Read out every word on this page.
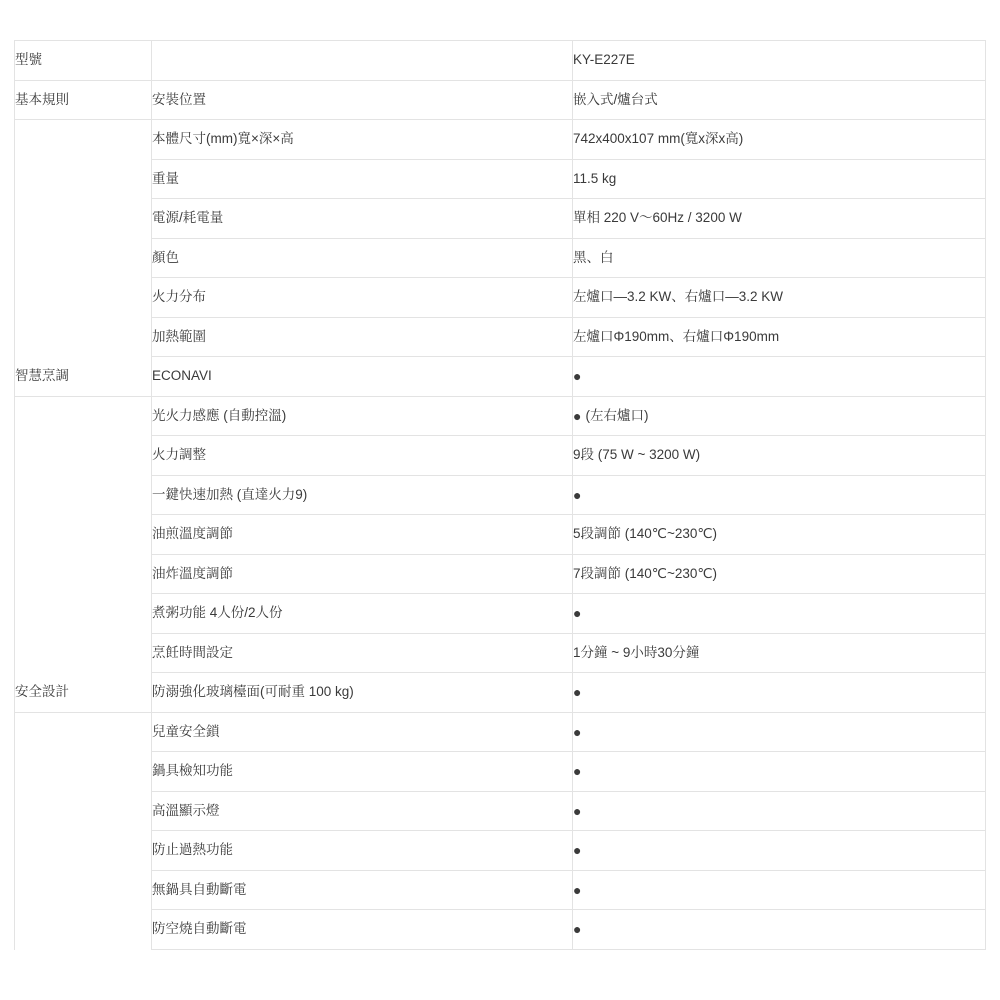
型號		KY-E227E
基本規則	安裝位置	嵌入式/爐台式
	本體尺寸(mm)寬×深×高	742x400x107 mm(寬x深x高)
	重量	11.5 kg
	電源/耗電量	單相 220 V～60Hz / 3200 W
	顏色	黑、白
	火力分布	左爐口—3.2 KW、右爐口—3.2 KW
	加熱範圍	左爐口Φ190mm、右爐口Φ190mm
智慧烹調	ECONAVI	●
	光火力感應 (自動控溫)	● (左右爐口)
	火力調整	9段 (75 W ~ 3200 W)
	一鍵快速加熱 (直達火力9)	●
	油煎溫度調節	5段調節 (140℃~230℃)
	油炸溫度調節	7段調節 (140℃~230℃)
	煮粥功能 4人份/2人份	●
	烹飪時間設定	1分鐘 ~ 9小時30分鐘
安全設計	防溺強化玻璃檯面(可耐重 100 kg)	●
	兒童安全鎖	●
	鍋具檢知功能	●
	高溫顯示燈	●
	防止過熱功能	●
	無鍋具自動斷電	●
	防空燒自動斷電	●
